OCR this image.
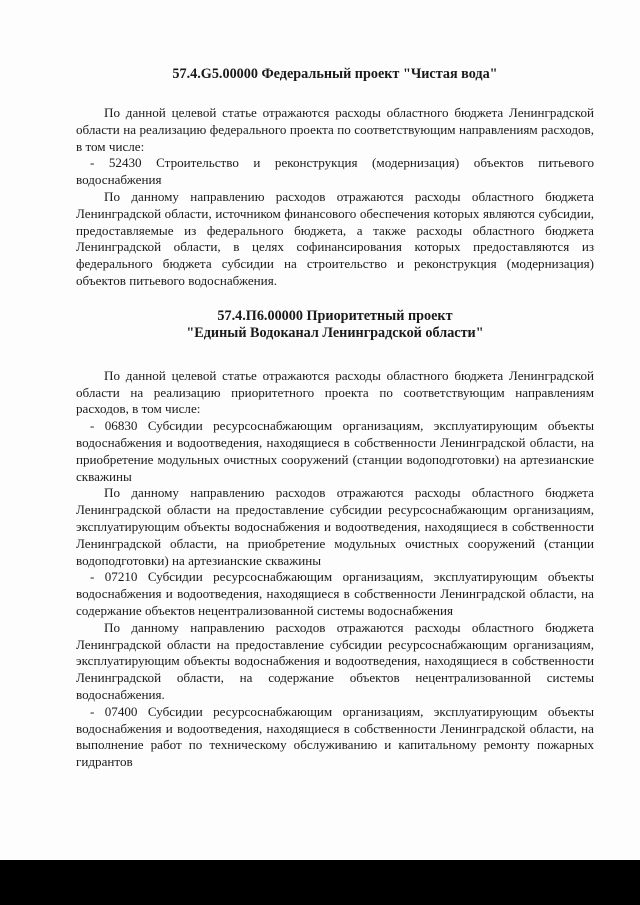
57.4.G5.00000 Федеральный проект "Чистая вода"

По данной целевой статье отражаются расходы областного бюджета Ленинградской области на реализацию федерального проекта по соответствующим направлениям расходов, в том числе:

- 52430 Строительство и реконструкция (модернизация) объектов питьевого водоснабжения

По данному направлению расходов отражаются расходы областного бюджета Ленинградской области, источником финансового обеспечения которых являются субсидии, предоставляемые из федерального бюджета, а также расходы областного бюджета Ленинградской области, в целях софинансирования которых предоставляются из федерального бюджета субсидии на строительство и реконструкция (модернизация) объектов питьевого водоснабжения.

57.4.П6.00000 Приоритетный проект
"Единый Водоканал Ленинградской области"

По данной целевой статье отражаются расходы областного бюджета Ленинградской области на реализацию приоритетного проекта по соответствующим направлениям расходов, в том числе:

- 06830 Субсидии ресурсоснабжающим организациям, эксплуатирующим объекты водоснабжения и водоотведения, находящиеся в собственности Ленинградской области, на приобретение модульных очистных сооружений (станции водоподготовки) на артезианские скважины

По данному направлению расходов отражаются расходы областного бюджета Ленинградской области на предоставление субсидии ресурсоснабжающим организациям, эксплуатирующим объекты водоснабжения и водоотведения, находящиеся в собственности Ленинградской области, на приобретение модульных очистных сооружений (станции водоподготовки) на артезианские скважины

- 07210 Субсидии ресурсоснабжающим организациям, эксплуатирующим объекты водоснабжения и водоотведения, находящиеся в собственности Ленинградской области, на содержание объектов нецентрализованной системы водоснабжения

По данному направлению расходов отражаются расходы областного бюджета Ленинградской области на предоставление субсидии ресурсоснабжающим организациям, эксплуатирующим объекты водоснабжения и водоотведения, находящиеся в собственности Ленинградской области, на содержание объектов нецентрализованной системы водоснабжения.

- 07400 Субсидии ресурсоснабжающим организациям, эксплуатирующим объекты водоснабжения и водоотведения, находящиеся в собственности Ленинградской области, на выполнение работ по техническому обслуживанию и капитальному ремонту пожарных гидрантов
